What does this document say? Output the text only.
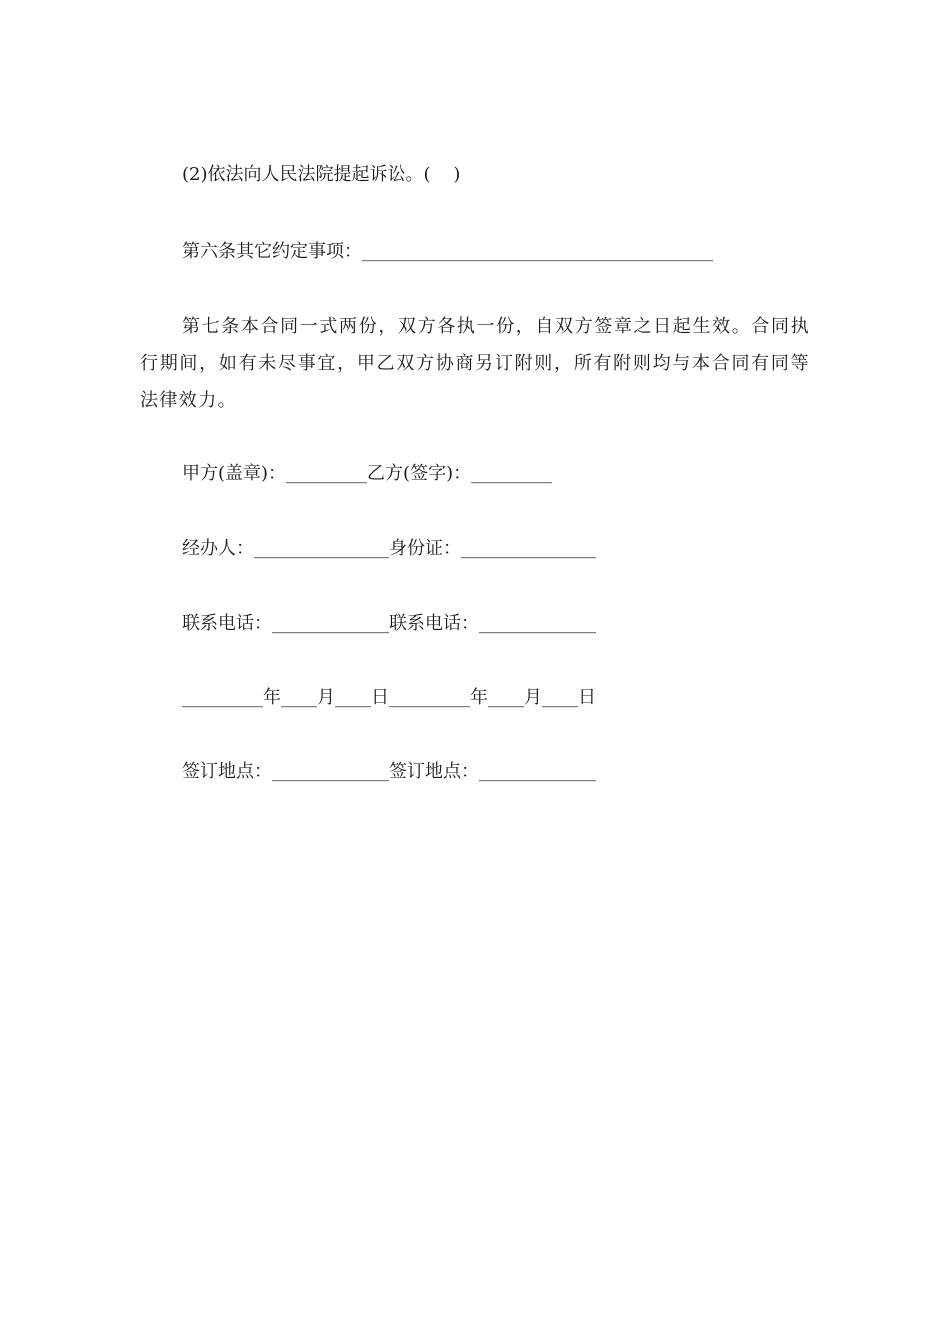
(2)依法向人民法院提起诉讼。(    )
第六条其它约定事项：_______________________________________
第七条本合同一式两份，双方各执一份，自双方签章之日起生效。合同执行期间，如有未尽事宜，甲乙双方协商另订附则，所有附则均与本合同有同等法律效力。
甲方(盖章)：_________乙方(签字)：_________
经办人：_______________身份证：_______________
联系电话：_____________联系电话：_____________
_________年____月____日_________年____月____日
签订地点：_____________签订地点：_____________
